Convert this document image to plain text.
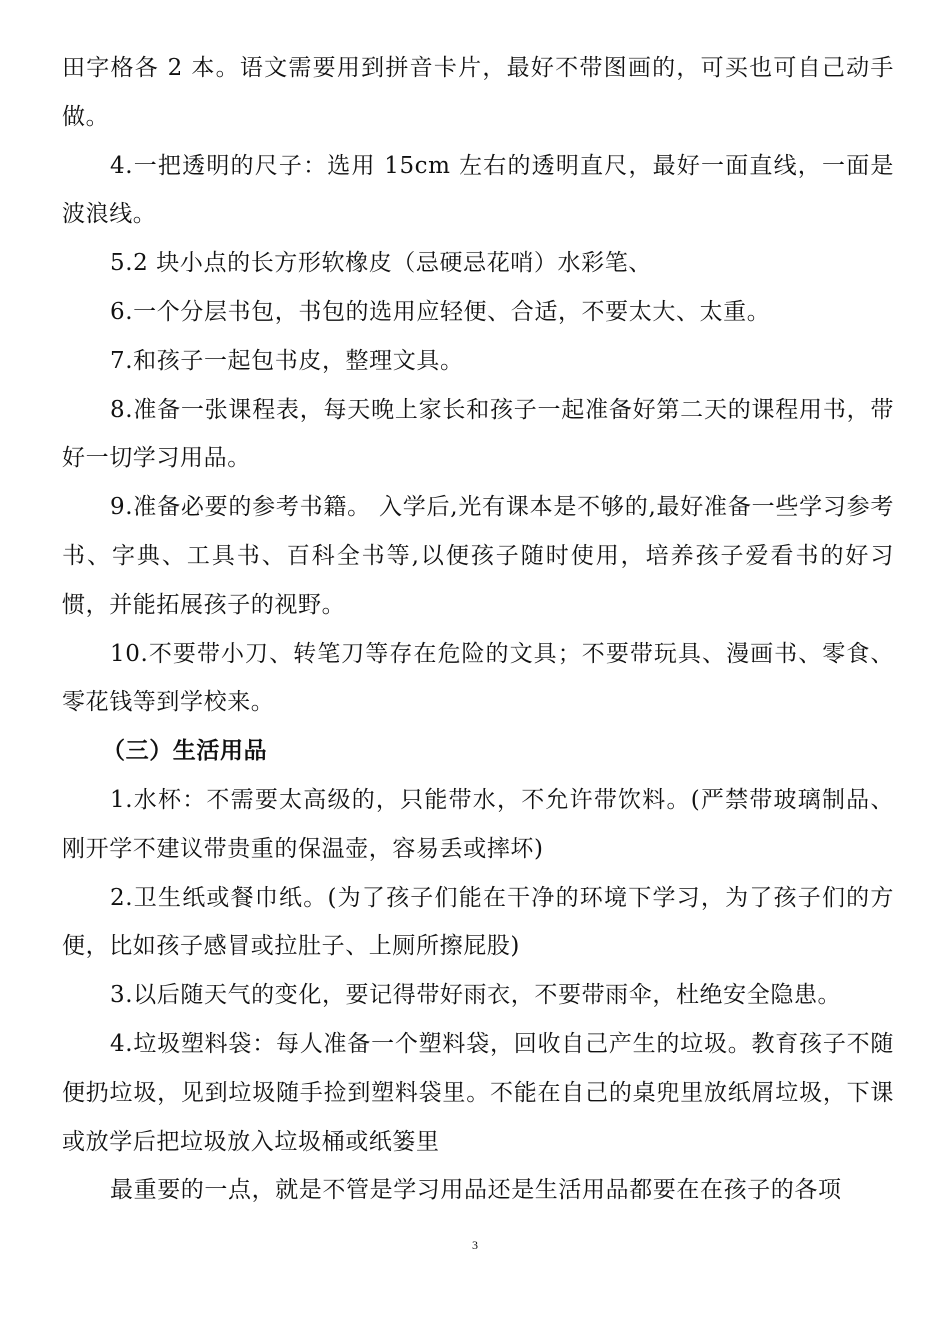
田字格各 2 本。语文需要用到拼音卡片，最好不带图画的，可买也可自己动手做。

4.一把透明的尺子：选用 15cm 左右的透明直尺，最好一面直线，一面是波浪线。

5.2 块小点的长方形软橡皮（忌硬忌花哨）水彩笔、

6.一个分层书包，书包的选用应轻便、合适，不要太大、太重。

7.和孩子一起包书皮，整理文具。

8.准备一张课程表，每天晚上家长和孩子一起准备好第二天的课程用书，带好一切学习用品。

9.准备必要的参考书籍。 入学后,光有课本是不够的,最好准备一些学习参考书、字典、工具书、百科全书等,以便孩子随时使用，培养孩子爱看书的好习惯，并能拓展孩子的视野。

10.不要带小刀、转笔刀等存在危险的文具；不要带玩具、漫画书、零食、零花钱等到学校来。

（三）生活用品

1.水杯：不需要太高级的，只能带水，不允许带饮料。(严禁带玻璃制品、刚开学不建议带贵重的保温壶，容易丢或摔坏)

2.卫生纸或餐巾纸。(为了孩子们能在干净的环境下学习，为了孩子们的方便，比如孩子感冒或拉肚子、上厕所擦屁股)

3.以后随天气的变化，要记得带好雨衣，不要带雨伞，杜绝安全隐患。

4.垃圾塑料袋：每人准备一个塑料袋，回收自己产生的垃圾。教育孩子不随便扔垃圾，见到垃圾随手捡到塑料袋里。不能在自己的桌兜里放纸屑垃圾，下课或放学后把垃圾放入垃圾桶或纸篓里

最重要的一点，就是不管是学习用品还是生活用品都要在在孩子的各项

3
